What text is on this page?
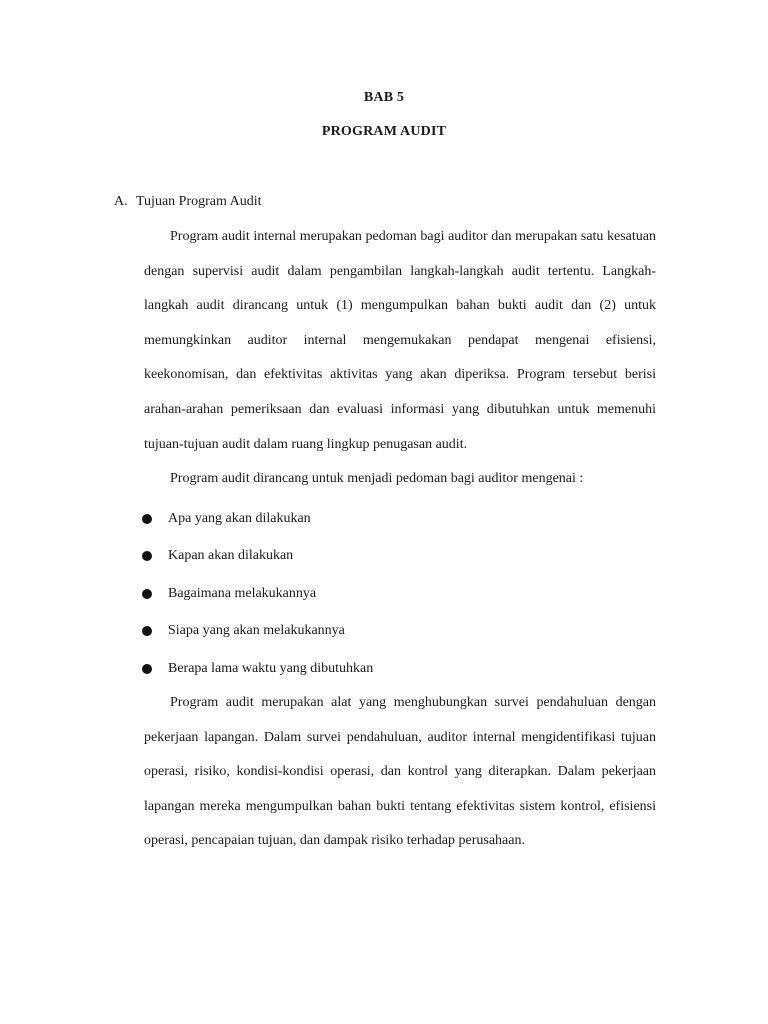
BAB 5
PROGRAM AUDIT
A. Tujuan Program Audit

Program audit internal merupakan pedoman bagi auditor dan merupakan satu kesatuan dengan supervisi audit dalam pengambilan langkah-langkah audit tertentu. Langkah-langkah audit dirancang untuk (1) mengumpulkan bahan bukti audit dan (2) untuk memungkinkan auditor internal mengemukakan pendapat mengenai efisiensi, keekonomisan, dan efektivitas aktivitas yang akan diperiksa. Program tersebut berisi arahan-arahan pemeriksaan dan evaluasi informasi yang dibutuhkan untuk memenuhi tujuan-tujuan audit dalam ruang lingkup penugasan audit.

Program audit dirancang untuk menjadi pedoman bagi auditor mengenai :

Apa yang akan dilakukan
Kapan akan dilakukan
Bagaimana melakukannya
Siapa yang akan melakukannya
Berapa lama waktu yang dibutuhkan

Program audit merupakan alat yang menghubungkan survei pendahuluan dengan pekerjaan lapangan. Dalam survei pendahuluan, auditor internal mengidentifikasi tujuan operasi, risiko, kondisi-kondisi operasi, dan kontrol yang diterapkan. Dalam pekerjaan lapangan mereka mengumpulkan bahan bukti tentang efektivitas sistem kontrol, efisiensi operasi, pencapaian tujuan, dan dampak risiko terhadap perusahaan.
